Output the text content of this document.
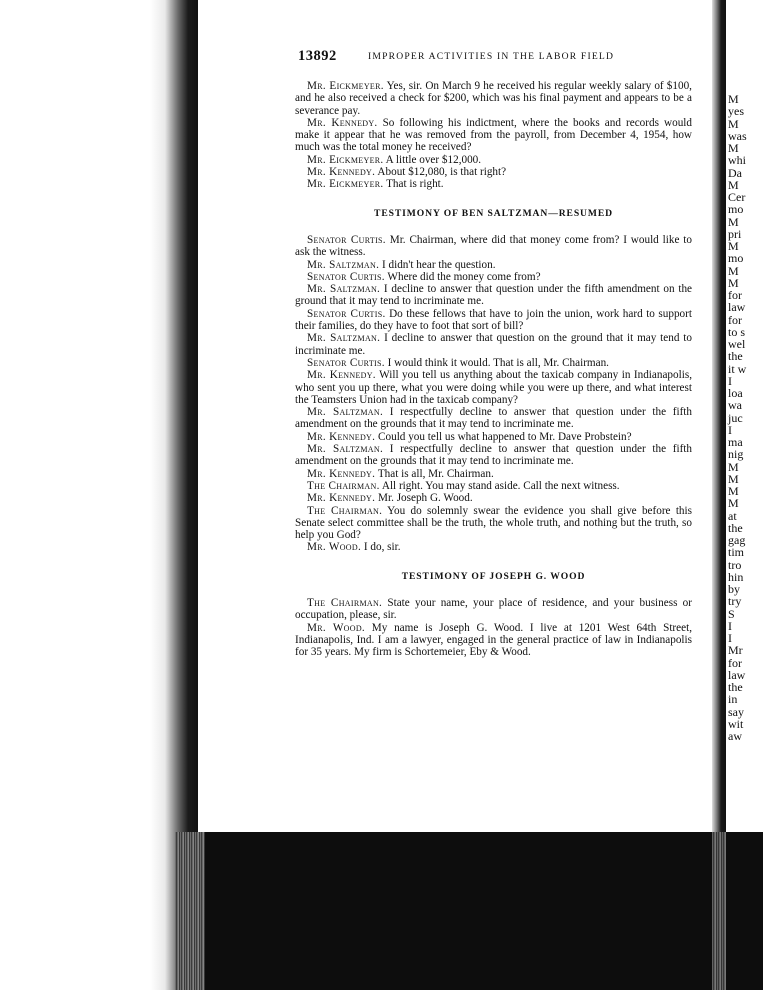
13892	IMPROPER ACTIVITIES IN THE LABOR FIELD

Mr. Eickmeyer. Yes, sir. On March 9 he received his regular weekly salary of $100, and he also received a check for $200, which was his final payment and appears to be a severance pay.

Mr. Kennedy. So following his indictment, where the books and records would make it appear that he was removed from the payroll, from December 4, 1954, how much was the total money he received?

Mr. Eickmeyer. A little over $12,000.

Mr. Kennedy. About $12,080, is that right?

Mr. Eickmeyer. That is right.

TESTIMONY OF BEN SALTZMAN—RESUMED

Senator Curtis. Mr. Chairman, where did that money come from? I would like to ask the witness.

Mr. Saltzman. I didn't hear the question.

Senator Curtis. Where did the money come from?

Mr. Saltzman. I decline to answer that question under the fifth amendment on the ground that it may tend to incriminate me.

Senator Curtis. Do these fellows that have to join the union, work hard to support their families, do they have to foot that sort of bill?

Mr. Saltzman. I decline to answer that question on the ground that it may tend to incriminate me.

Senator Curtis. I would think it would. That is all, Mr. Chairman.

Mr. Kennedy. Will you tell us anything about the taxicab company in Indianapolis, who sent you up there, what you were doing while you were up there, and what interest the Teamsters Union had in the taxicab company?

Mr. Saltzman. I respectfully decline to answer that question under the fifth amendment on the grounds that it may tend to incriminate me.

Mr. Kennedy. Could you tell us what happened to Mr. Dave Probstein?

Mr. Saltzman. I respectfully decline to answer that question under the fifth amendment on the grounds that it may tend to incriminate me.

Mr. Kennedy. That is all, Mr. Chairman.

The Chairman. All right. You may stand aside. Call the next witness.

Mr. Kennedy. Mr. Joseph G. Wood.

The Chairman. You do solemnly swear the evidence you shall give before this Senate select committee shall be the truth, the whole truth, and nothing but the truth, so help you God?

Mr. Wood. I do, sir.

TESTIMONY OF JOSEPH G. WOOD

The Chairman. State your name, your place of residence, and your business or occupation, please, sir.

Mr. Wood. My name is Joseph G. Wood. I live at 1201 West 64th Street, Indianapolis, Ind. I am a lawyer, engaged in the general practice of law in Indianapolis for 35 years. My firm is Schortemeier, Eby & Wood.

M
yes
M
was
M
whi
Da
M
Cer
mo
M
pri
M
mo
M
M
for
law
for
to s
wel
the
it w
I
loa
wa
juc
I
ma
nig
M
M
M
M
at
the
gag
tim
tro
hin
by
try
S
I
I
Mr
for
law
the
in
say
wit
aw
